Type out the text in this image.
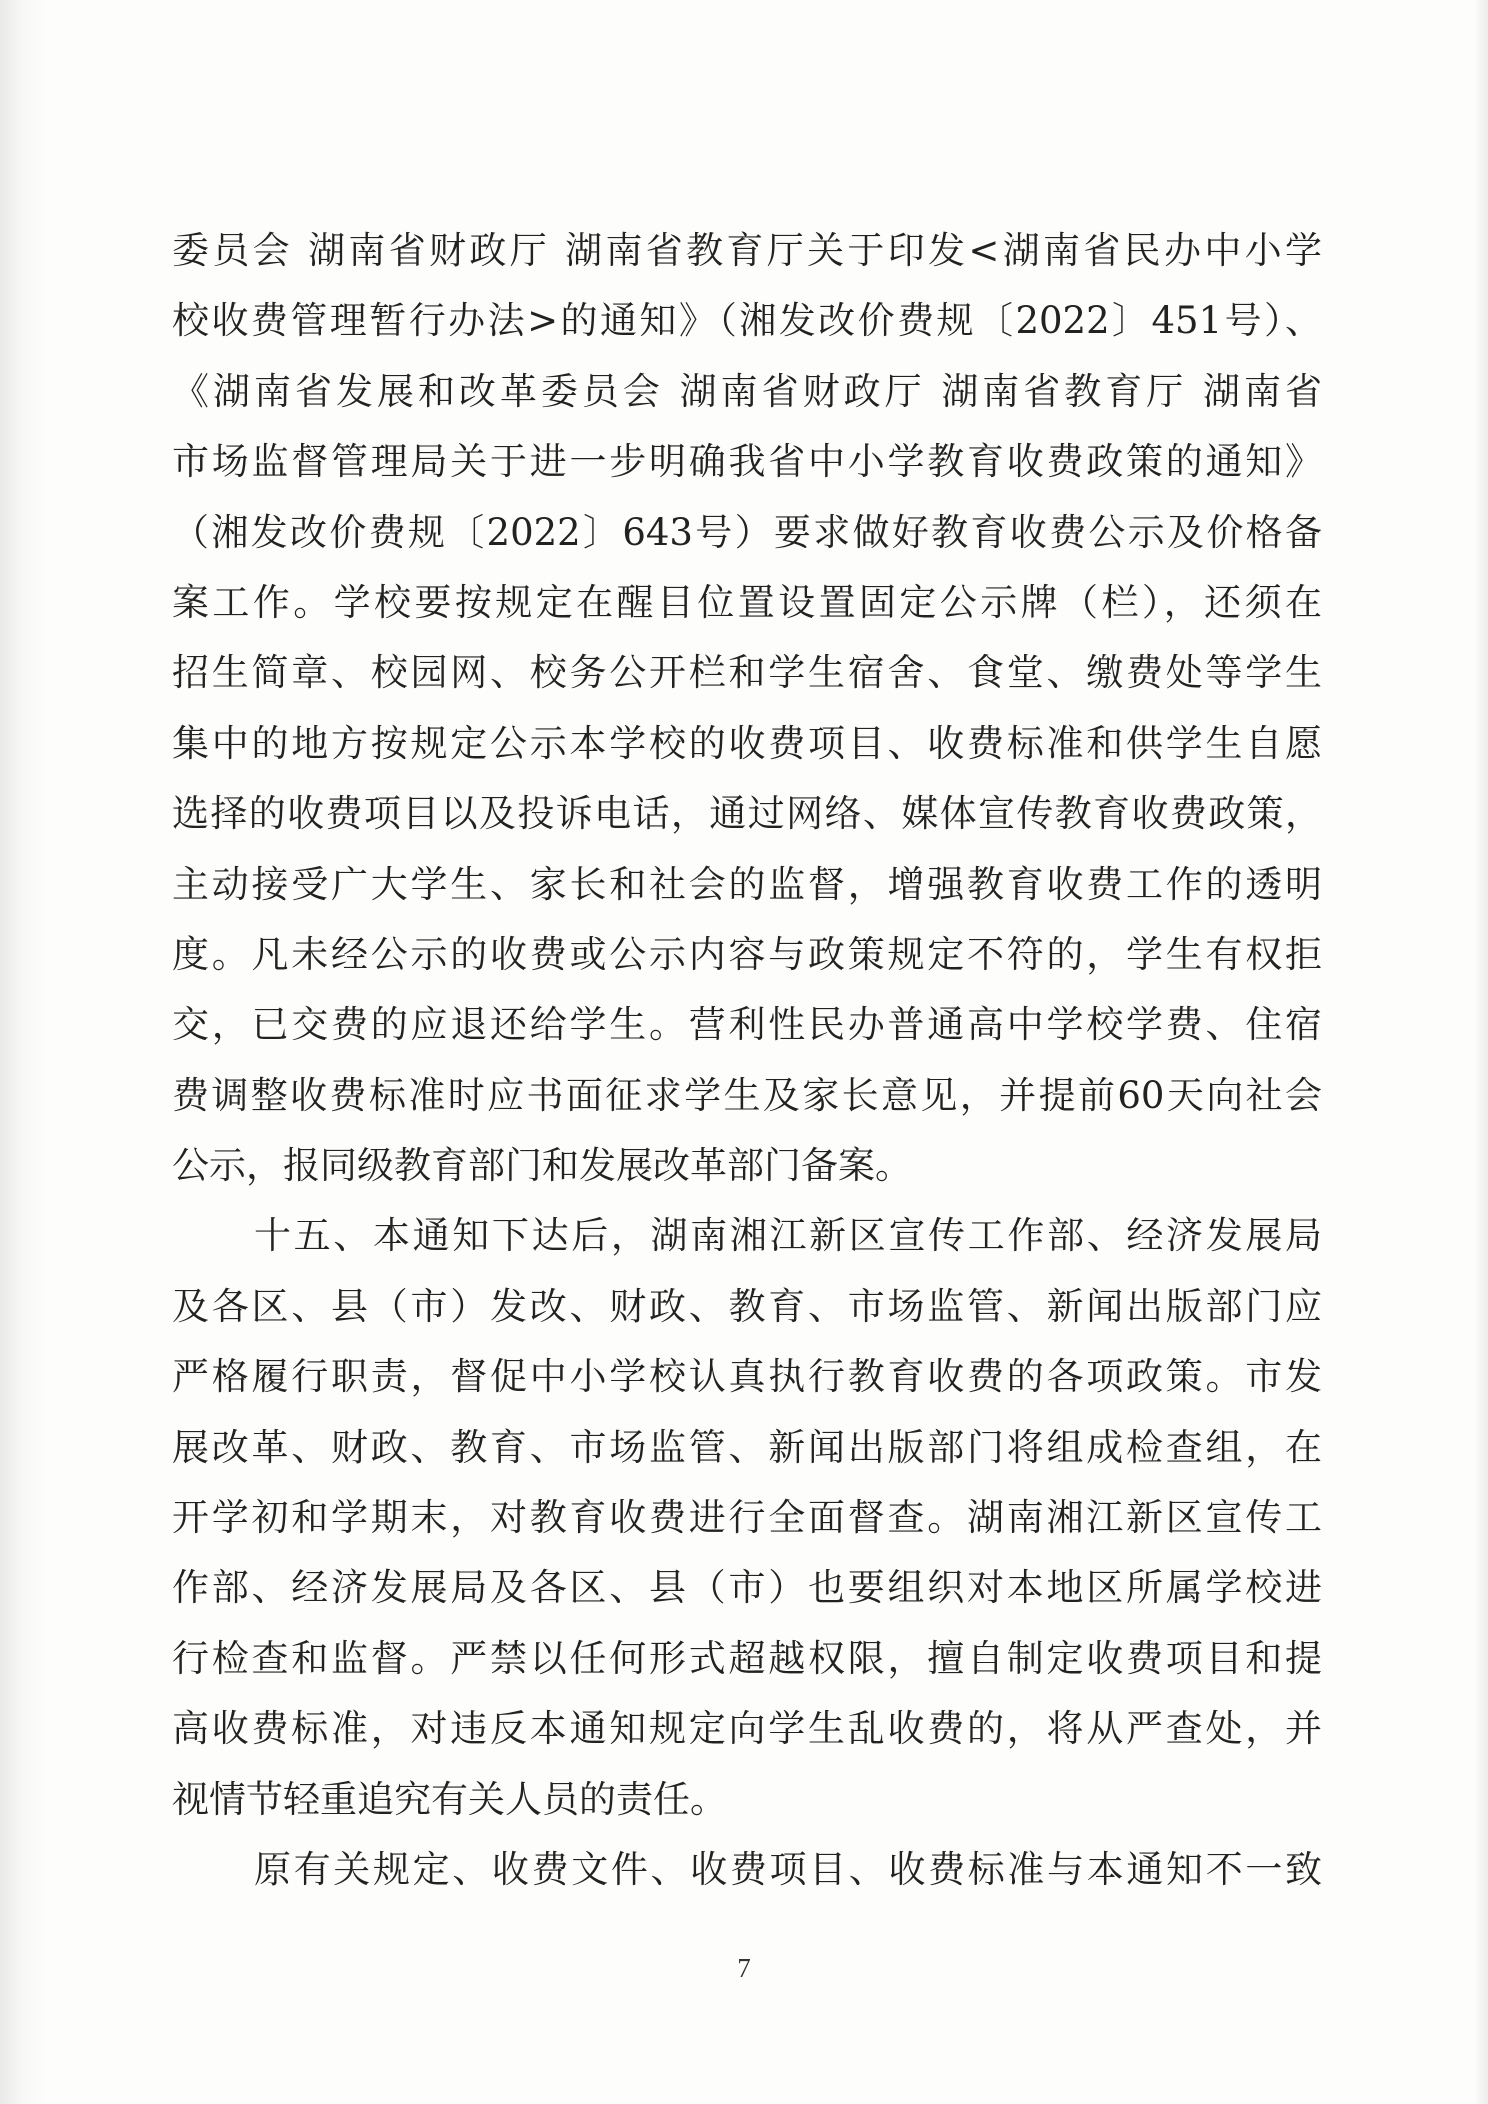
委员会 湖南省财政厅 湖南省教育厅关于印发<湖南省民办中小学
校收费管理暂行办法>的通知》（湘发改价费规〔2022〕451号）、
《湖南省发展和改革委员会 湖南省财政厅 湖南省教育厅 湖南省
市场监督管理局关于进一步明确我省中小学教育收费政策的通知》
（湘发改价费规〔2022〕643号）要求做好教育收费公示及价格备
案工作。学校要按规定在醒目位置设置固定公示牌（栏），还须在
招生简章、校园网、校务公开栏和学生宿舍、食堂、缴费处等学生
集中的地方按规定公示本学校的收费项目、收费标准和供学生自愿
选择的收费项目以及投诉电话，通过网络、媒体宣传教育收费政策，
主动接受广大学生、家长和社会的监督，增强教育收费工作的透明
度。凡未经公示的收费或公示内容与政策规定不符的，学生有权拒
交，已交费的应退还给学生。营利性民办普通高中学校学费、住宿
费调整收费标准时应书面征求学生及家长意见，并提前60天向社会
公示，报同级教育部门和发展改革部门备案。
十五、本通知下达后，湖南湘江新区宣传工作部、经济发展局
及各区、县（市）发改、财政、教育、市场监管、新闻出版部门应
严格履行职责，督促中小学校认真执行教育收费的各项政策。市发
展改革、财政、教育、市场监管、新闻出版部门将组成检查组，在
开学初和学期末，对教育收费进行全面督查。湖南湘江新区宣传工
作部、经济发展局及各区、县（市）也要组织对本地区所属学校进
行检查和监督。严禁以任何形式超越权限，擅自制定收费项目和提
高收费标准，对违反本通知规定向学生乱收费的，将从严查处，并
视情节轻重追究有关人员的责任。
原有关规定、收费文件、收费项目、收费标准与本通知不一致
7
